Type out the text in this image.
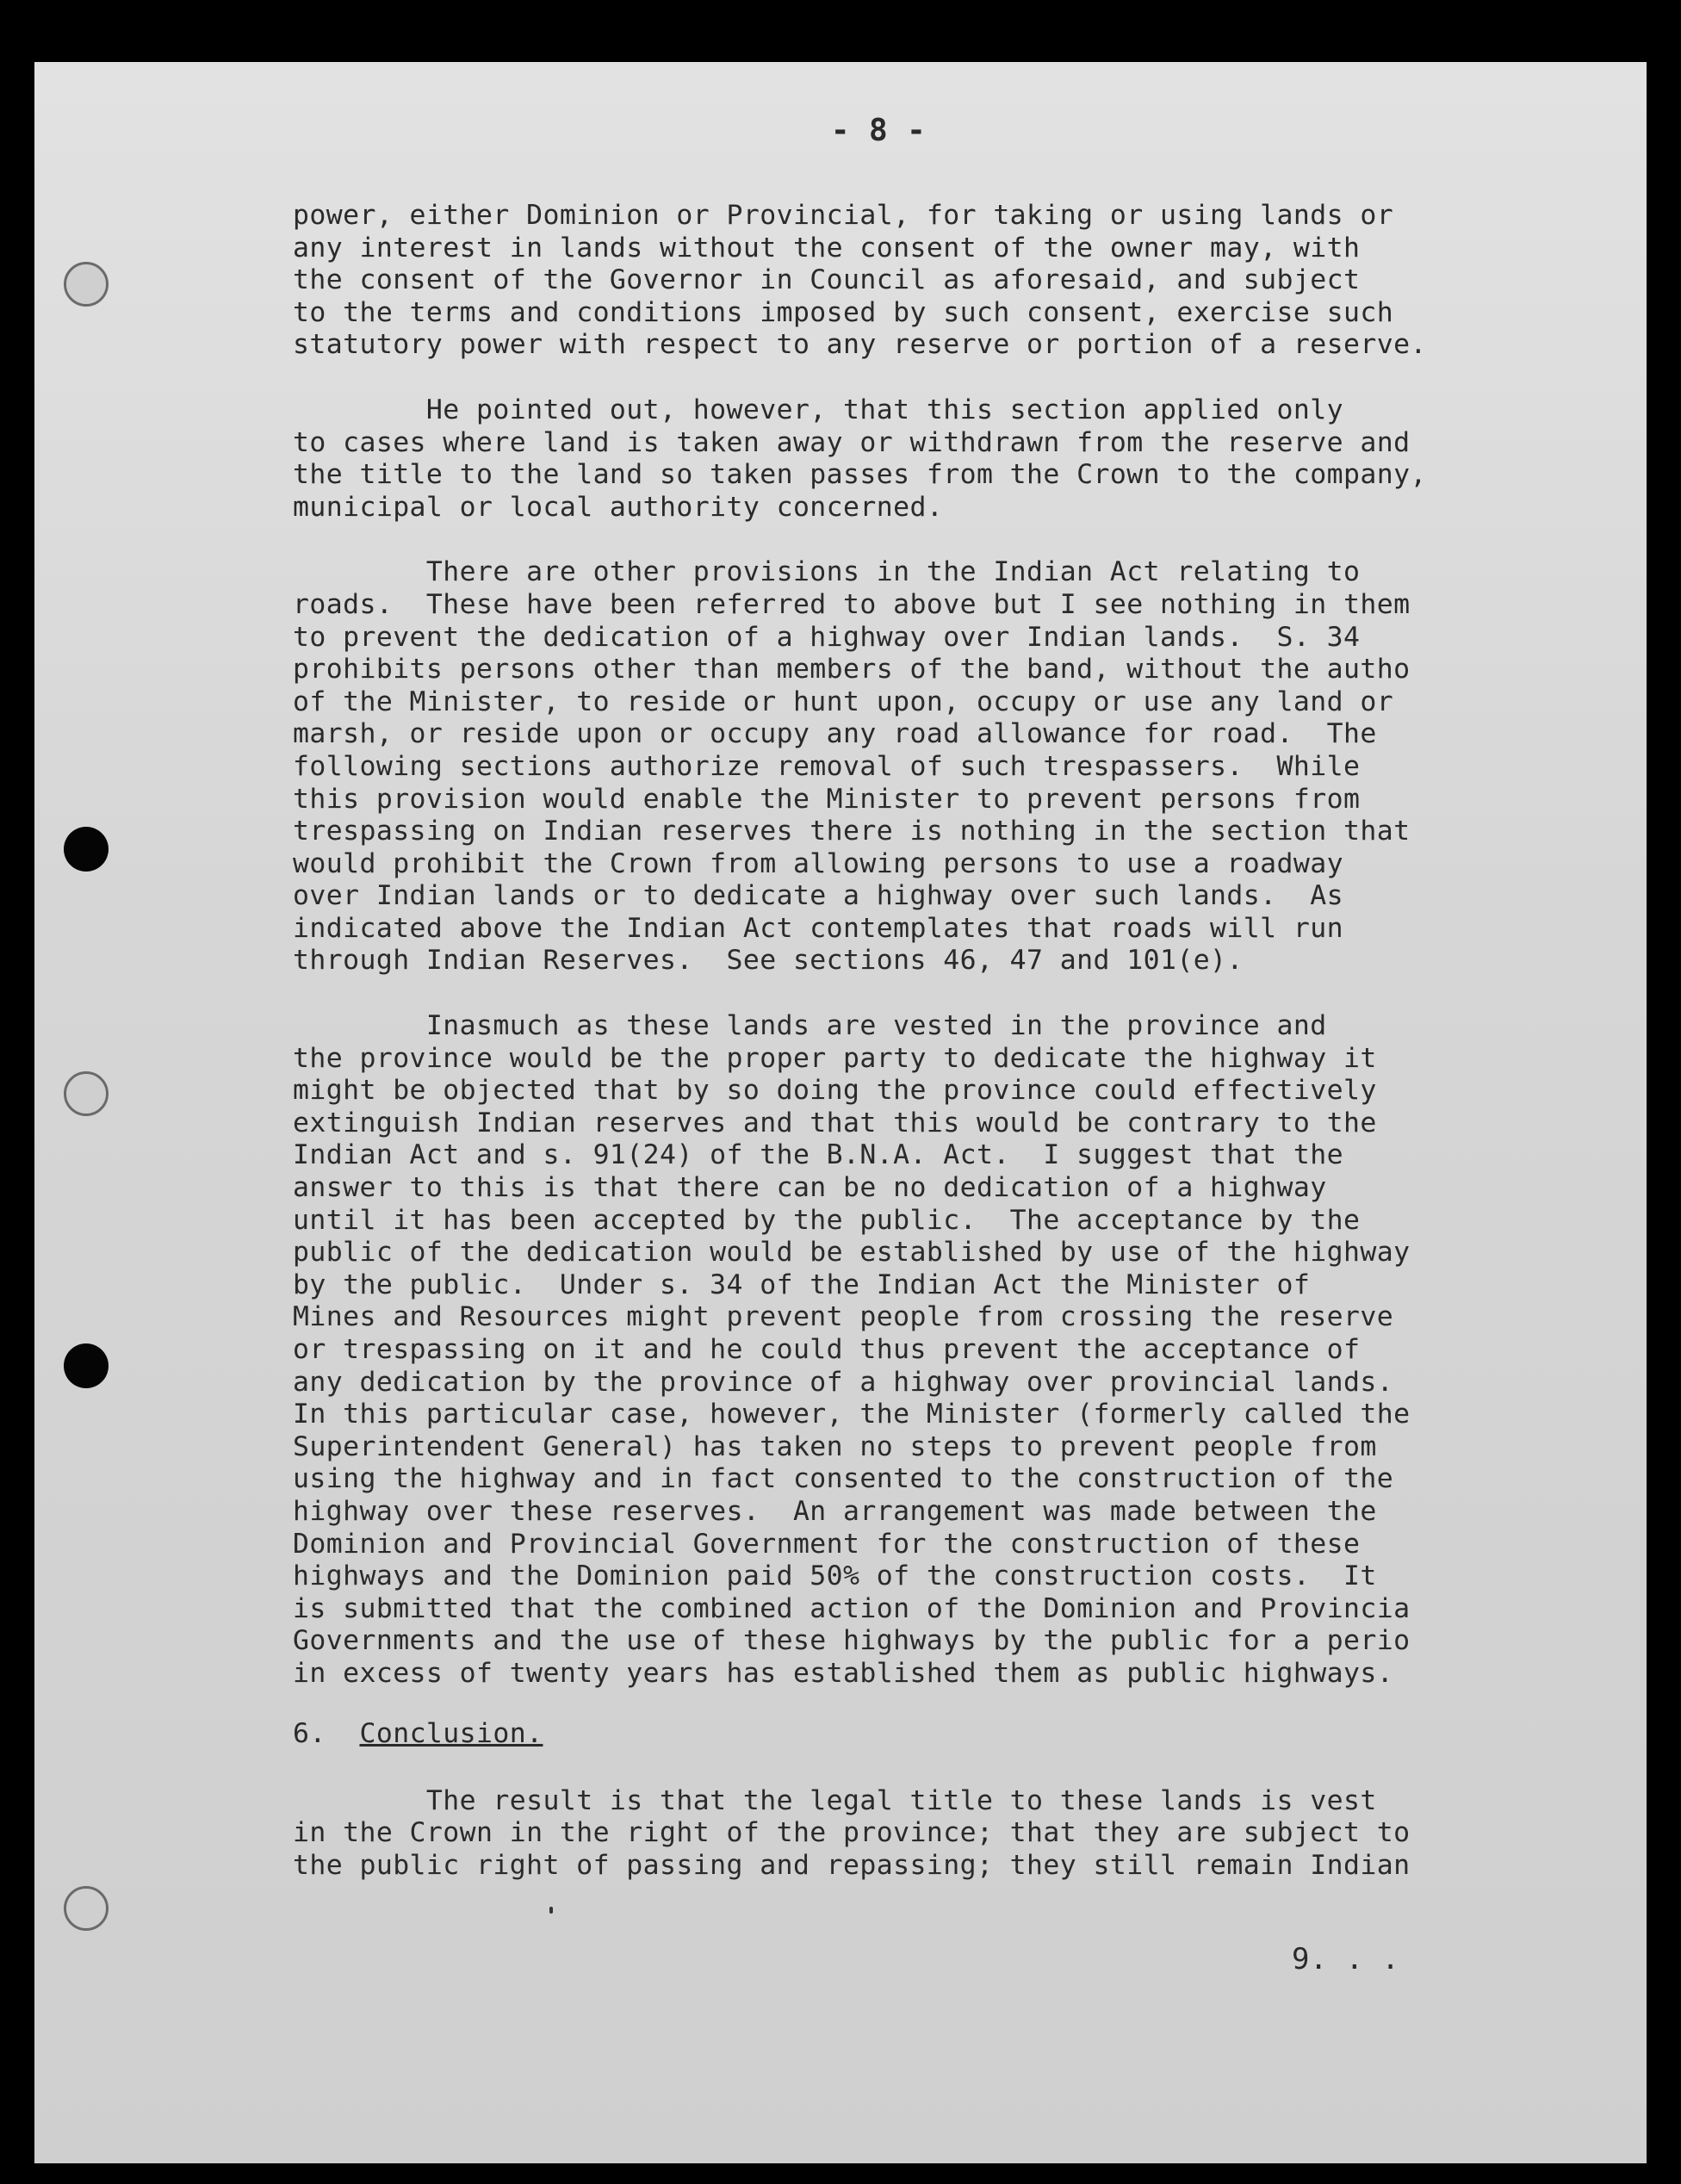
- 8 -
power, either Dominion or Provincial, for taking or using lands or
any interest in lands without the consent of the owner may, with
the consent of the Governor in Council as aforesaid, and subject
to the terms and conditions imposed by such consent, exercise such
statutory power with respect to any reserve or portion of a reserve.
He pointed out, however, that this section applied only
to cases where land is taken away or withdrawn from the reserve and
the title to the land so taken passes from the Crown to the company,
municipal or local authority concerned.
There are other provisions in the Indian Act relating to
roads.  These have been referred to above but I see nothing in them
to prevent the dedication of a highway over Indian lands.  S. 34
prohibits persons other than members of the band, without the autho
of the Minister, to reside or hunt upon, occupy or use any land or
marsh, or reside upon or occupy any road allowance for road.  The
following sections authorize removal of such trespassers.  While
this provision would enable the Minister to prevent persons from
trespassing on Indian reserves there is nothing in the section that
would prohibit the Crown from allowing persons to use a roadway
over Indian lands or to dedicate a highway over such lands.  As
indicated above the Indian Act contemplates that roads will run
through Indian Reserves.  See sections 46, 47 and 101(e).
Inasmuch as these lands are vested in the province and
the province would be the proper party to dedicate the highway it
might be objected that by so doing the province could effectively
extinguish Indian reserves and that this would be contrary to the
Indian Act and s. 91(24) of the B.N.A. Act.  I suggest that the
answer to this is that there can be no dedication of a highway
until it has been accepted by the public.  The acceptance by the
public of the dedication would be established by use of the highway
by the public.  Under s. 34 of the Indian Act the Minister of
Mines and Resources might prevent people from crossing the reserve
or trespassing on it and he could thus prevent the acceptance of
any dedication by the province of a highway over provincial lands.
In this particular case, however, the Minister (formerly called the
Superintendent General) has taken no steps to prevent people from
using the highway and in fact consented to the construction of the
highway over these reserves.  An arrangement was made between the
Dominion and Provincial Government for the construction of these
highways and the Dominion paid 50% of the construction costs.  It
is submitted that the combined action of the Dominion and Provincia
Governments and the use of these highways by the public for a perio
in excess of twenty years has established them as public highways.
6. Conclusion.
The result is that the legal title to these lands is vest
in the Crown in the right of the province; that they are subject to
the public right of passing and repassing; they still remain Indian
9. . .
